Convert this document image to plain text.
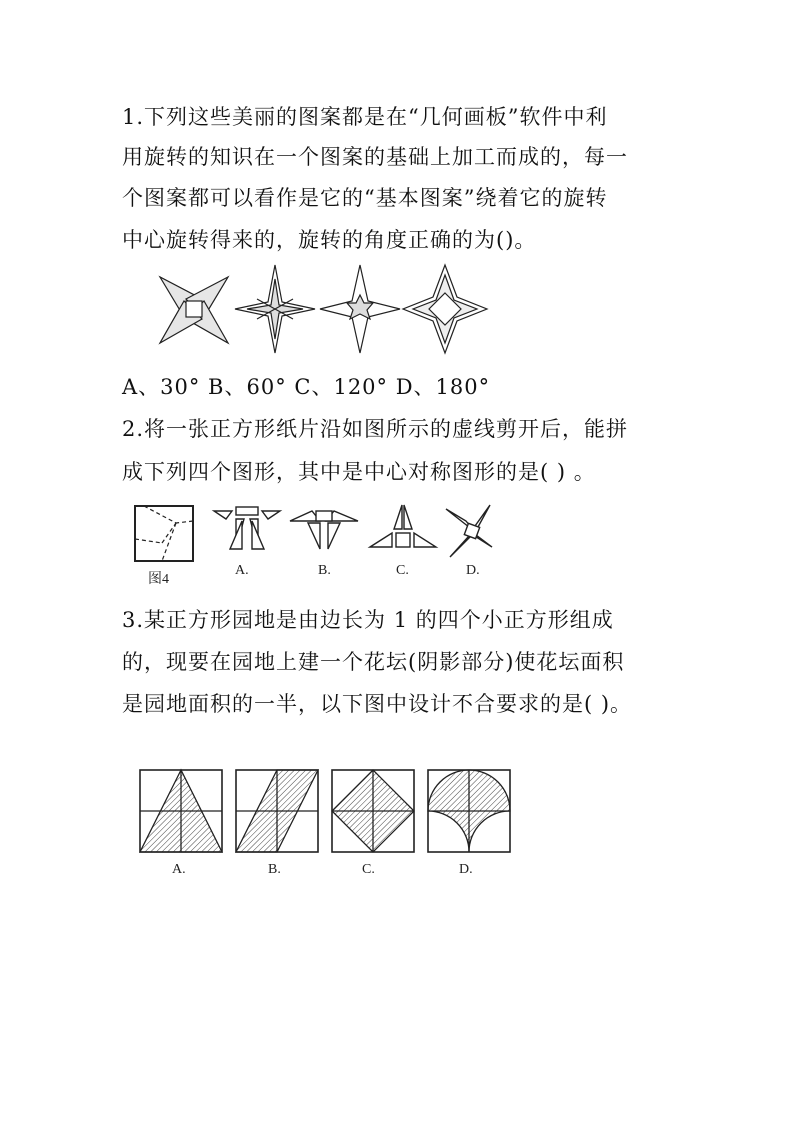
1.下列这些美丽的图案都是在“几何画板”软件中利
用旋转的知识在一个图案的基础上加工而成的，每一
个图案都可以看作是它的“基本图案”绕着它的旋转
中心旋转得来的，旋转的角度正确的为()。
A、30° B、60° C、120° D、180°
2.将一张正方形纸片沿如图所示的虚线剪开后，能拼
成下列四个图形，其中是中心对称图形的是( ) 。
图4
A.	B.	C.	D.
3.某正方形园地是由边长为 1 的四个小正方形组成
的，现要在园地上建一个花坛(阴影部分)使花坛面积
是园地面积的一半，以下图中设计不合要求的是( )。
A.	B.	C.	D.
